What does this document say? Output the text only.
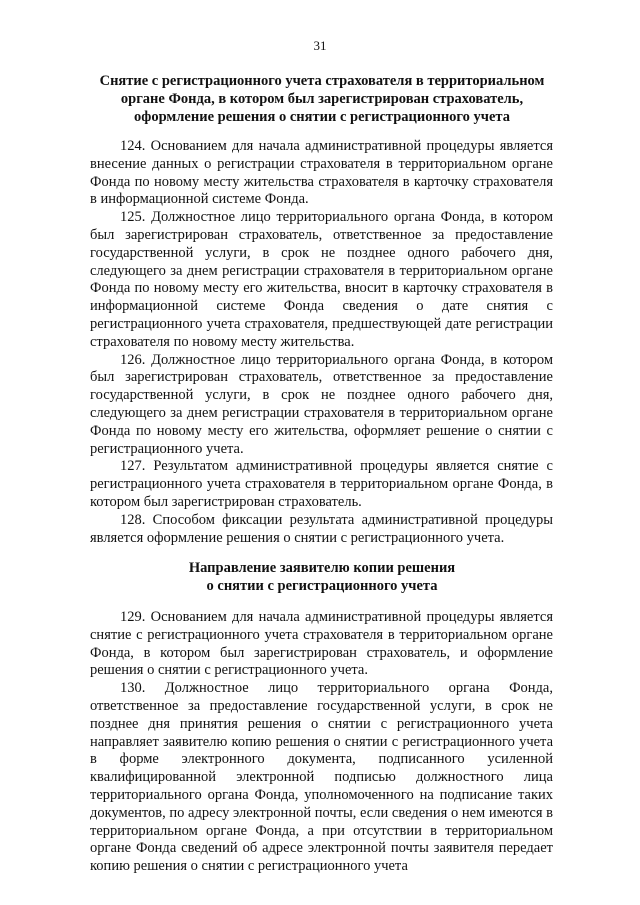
31
Снятие с регистрационного учета страхователя в территориальном
органе Фонда, в котором был зарегистрирован страхователь,
оформление решения о снятии с регистрационного учета

124. Основанием для начала административной процедуры является внесение данных о регистрации страхователя в территориальном органе Фонда по новому месту жительства страхователя в карточку страхователя в информационной системе Фонда.

125. Должностное лицо территориального органа Фонда, в котором был зарегистрирован страхователь, ответственное за предоставление государственной услуги, в срок не позднее одного рабочего дня, следующего за днем регистрации страхователя в территориальном органе Фонда по новому месту его жительства, вносит в карточку страхователя в информационной системе Фонда сведения о дате снятия с регистрационного учета страхователя, предшествующей дате регистрации страхователя по новому месту жительства.

126. Должностное лицо территориального органа Фонда, в котором был зарегистрирован страхователь, ответственное за предоставление государственной услуги, в срок не позднее одного рабочего дня, следующего за днем регистрации страхователя в территориальном органе Фонда по новому месту его жительства, оформляет решение о снятии с регистрационного учета.

127. Результатом административной процедуры является снятие с регистрационного учета страхователя в территориальном органе Фонда, в котором был зарегистрирован страхователь.

128. Способом фиксации результата административной процедуры является оформление решения о снятии с регистрационного учета.

Направление заявителю копии решения
о снятии с регистрационного учета

129. Основанием для начала административной процедуры является снятие с регистрационного учета страхователя в территориальном органе Фонда, в котором был зарегистрирован страхователь, и оформление решения о снятии с регистрационного учета.

130. Должностное лицо территориального органа Фонда, ответственное за предоставление государственной услуги, в срок не позднее дня принятия решения о снятии с регистрационного учета направляет заявителю копию решения о снятии с регистрационного учета в форме электронного документа, подписанного усиленной квалифицированной электронной подписью должностного лица территориального органа Фонда, уполномоченного на подписание таких документов, по адресу электронной почты, если сведения о нем имеются в территориальном органе Фонда, а при отсутствии в территориальном органе Фонда сведений об адресе электронной почты заявителя передает копию решения о снятии с регистрационного учета
